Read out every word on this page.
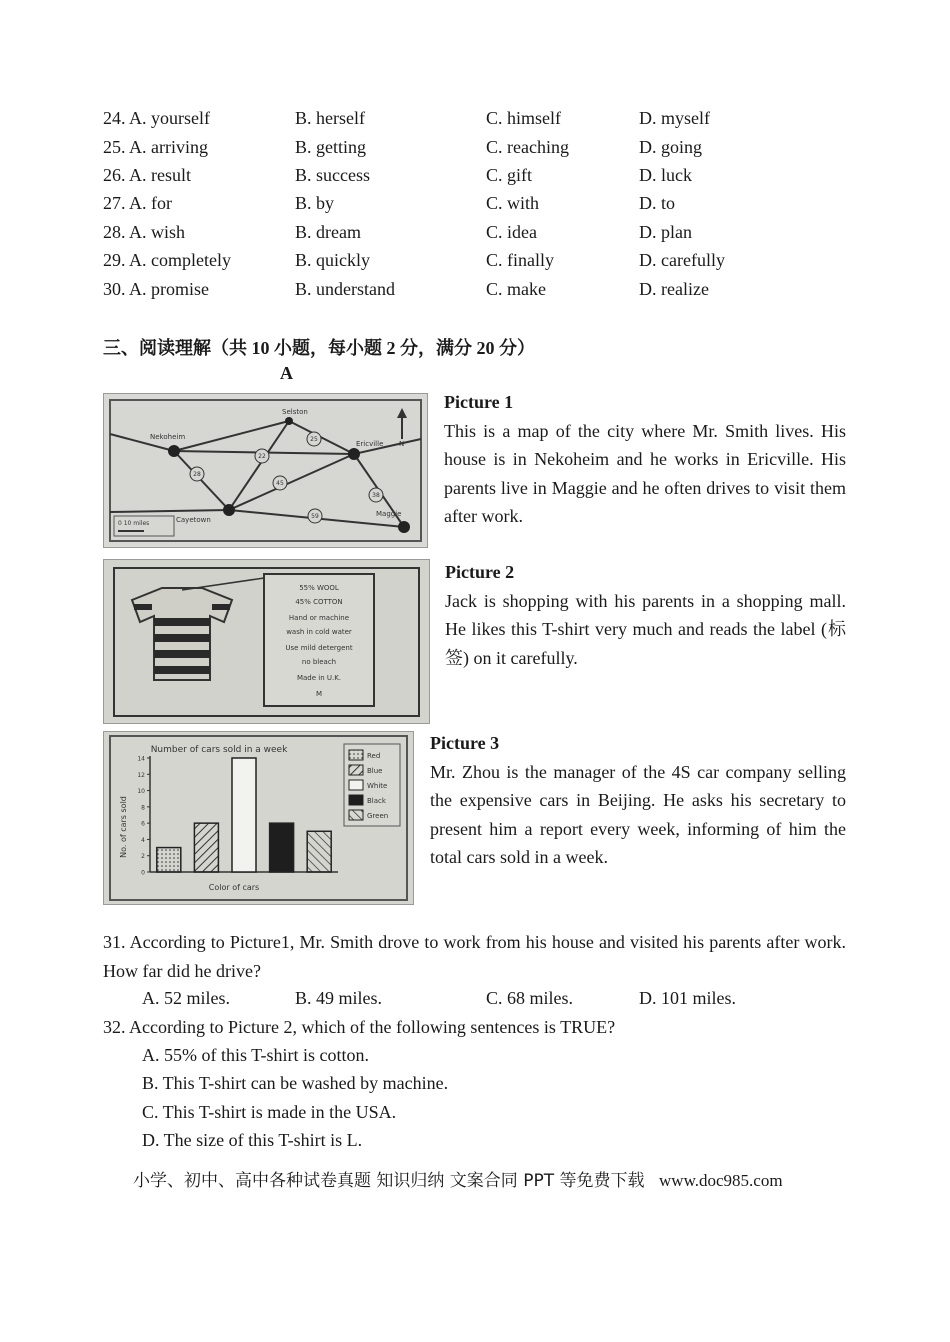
24. A. yourself	B. herself	C. himself	D. myself
25. A. arriving	B. getting	C. reaching	D. going
26. A. result	B. success	C. gift	D. luck
27. A. for	B. by	C. with	D. to
28. A. wish	B. dream	C. idea	D. plan
29. A. completely	B. quickly	C. finally	D. carefully
30. A. promise	B. understand	C. make	D. realize
三、阅读理解（共 10 小题，每小题 2 分，满分 20 分）
A
Nekoheim
Selston
Ericville
Cayetown
Maggie
22
25
28
45
38
59
N
0 10 miles
Picture 1
This is a map of the city where Mr. Smith lives. His house is in Nekoheim and he works in Ericville. His parents live in Maggie and he often drives to visit them after work.
55% WOOL
45% COTTON
Hand or machine
wash in cold water
Use mild detergent
no bleach
Made in U.K.
M
Picture 2
Jack is shopping with his parents in a shopping mall. He likes this T-shirt very much and reads the label (标签) on it carefully.
Number of cars sold in a week
Color of cars
No. of cars sold
0
2
4
6
8
10
12
14	Red
Blue
White
Black
Green
Picture 3
Mr. Zhou is the manager of the 4S car company selling the expensive cars in Beijing. He asks his secretary to present him a report every week, informing of him the total cars sold in a week.
31. According to Picture1, Mr. Smith drove to work from his house and visited his parents after work. How far did he drive?
A. 52 miles.	B. 49 miles.	C. 68 miles.	D. 101 miles.
32. According to Picture 2, which of the following sentences is TRUE?
A. 55% of this T-shirt is cotton.
B. This T-shirt can be washed by machine.
C. This T-shirt is made in the USA.
D. The size of this T-shirt is L.
小学、初中、高中各种试卷真题 知识归纳 文案合同 PPT 等免费下载 www.doc985.com
